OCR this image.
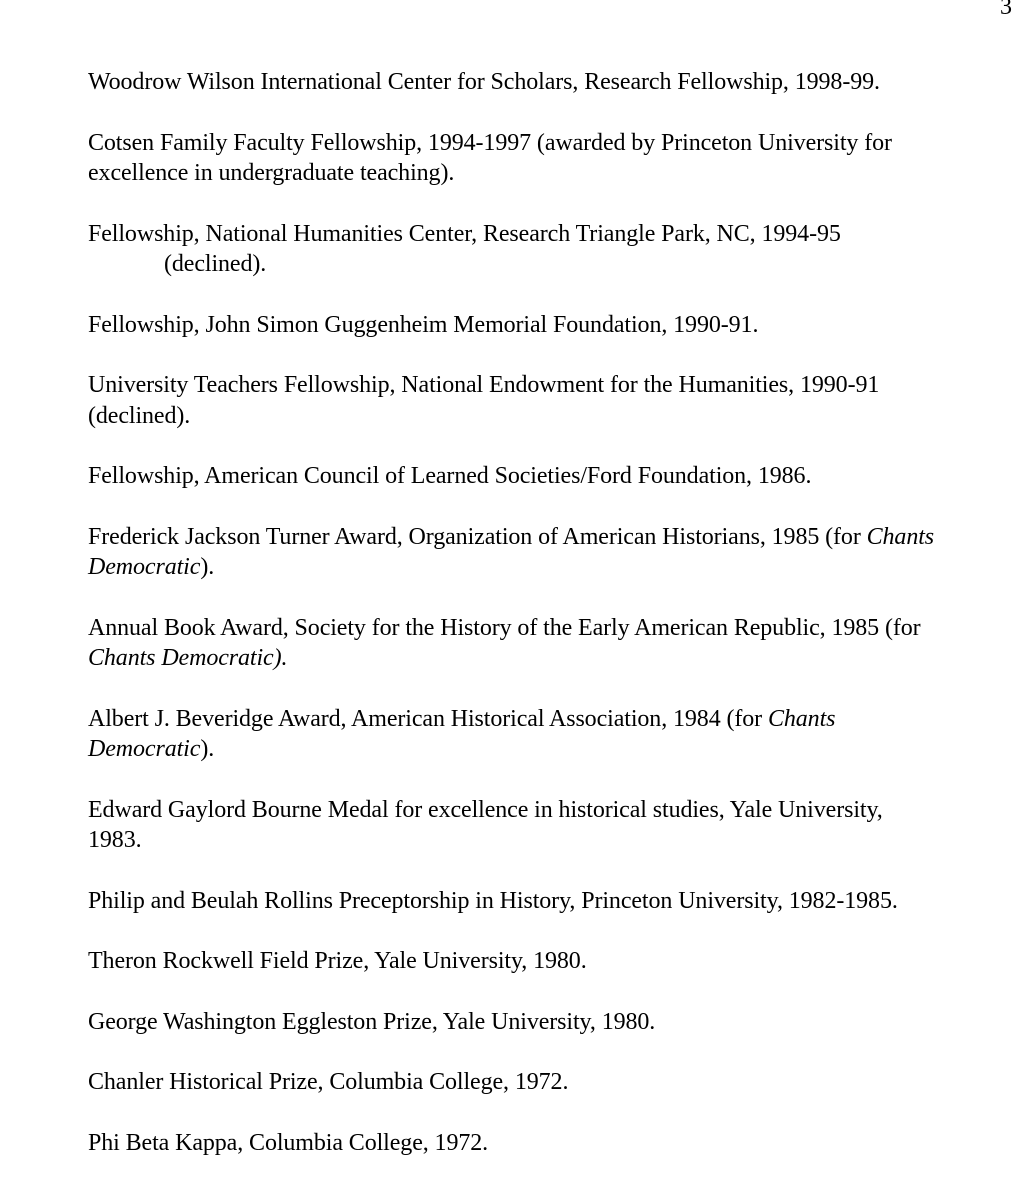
3

Woodrow Wilson International Center for Scholars, Research Fellowship, 1998-99.

Cotsen Family Faculty Fellowship, 1994-1997 (awarded by Princeton University for
excellence in undergraduate teaching).

Fellowship, National Humanities Center, Research Triangle Park, NC, 1994-95
(declined).

Fellowship, John Simon Guggenheim Memorial Foundation, 1990-91.

University Teachers Fellowship, National Endowment for the Humanities, 1990-91
(declined).

Fellowship, American Council of Learned Societies/Ford Foundation, 1986.

Frederick Jackson Turner Award, Organization of American Historians, 1985 (for Chants
Democratic).

Annual Book Award, Society for the History of the Early American Republic, 1985 (for
Chants Democratic).

Albert J. Beveridge Award, American Historical Association, 1984 (for Chants
Democratic).

Edward Gaylord Bourne Medal for excellence in historical studies, Yale University,
1983.

Philip and Beulah Rollins Preceptorship in History, Princeton University, 1982-1985.

Theron Rockwell Field Prize, Yale University, 1980.

George Washington Eggleston Prize, Yale University, 1980.

Chanler Historical Prize, Columbia College, 1972.

Phi Beta Kappa, Columbia College, 1972.
